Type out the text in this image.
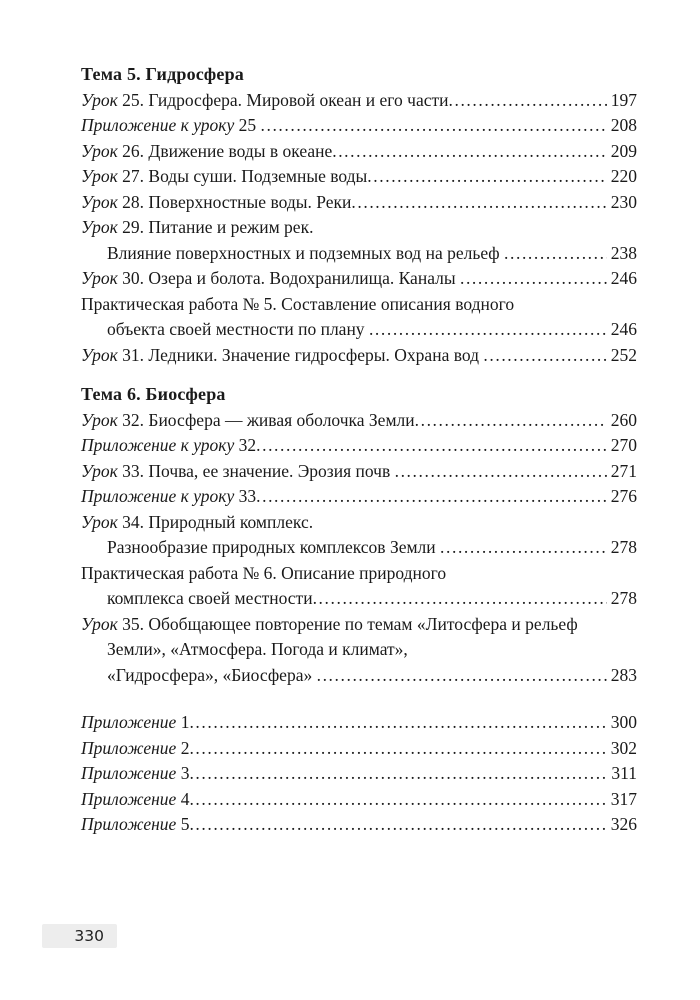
Тема 5. Гидросфера
Урок 25. Гидросфера. Мировой океан и его части .....	197
Приложение к уроку 25 .....	208
Урок 26. Движение воды в океане .....	209
Урок 27. Воды суши. Подземные воды .....	220
Урок 28. Поверхностные воды. Реки .....	230
Урок 29. Питание и режим рек.
Влияние поверхностных и подземных вод на рельеф .....	238
Урок 30. Озера и болота. Водохранилища. Каналы .....	246
Практическая работа № 5. Составление описания водного
объекта своей местности по плану .....	246
Урок 31. Ледники. Значение гидросферы. Охрана вод .....	252
Тема 6. Биосфера
Урок 32. Биосфера — живая оболочка Земли .....	260
Приложение к уроку 32 .....	270
Урок 33. Почва, ее значение. Эрозия почв .....	271
Приложение к уроку 33 .....	276
Урок 34. Природный комплекс.
Разнообразие природных комплексов Земли .....	278
Практическая работа № 6. Описание природного
комплекса своей местности .....	278
Урок 35. Обобщающее повторение по темам «Литосфера и рельеф
Земли», «Атмосфера. Погода и климат»,
«Гидросфера», «Биосфера» .....	283
Приложение 1 .....	300
Приложение 2 .....	302
Приложение 3 .....	311
Приложение 4 .....	317
Приложение 5 .....	326
330
